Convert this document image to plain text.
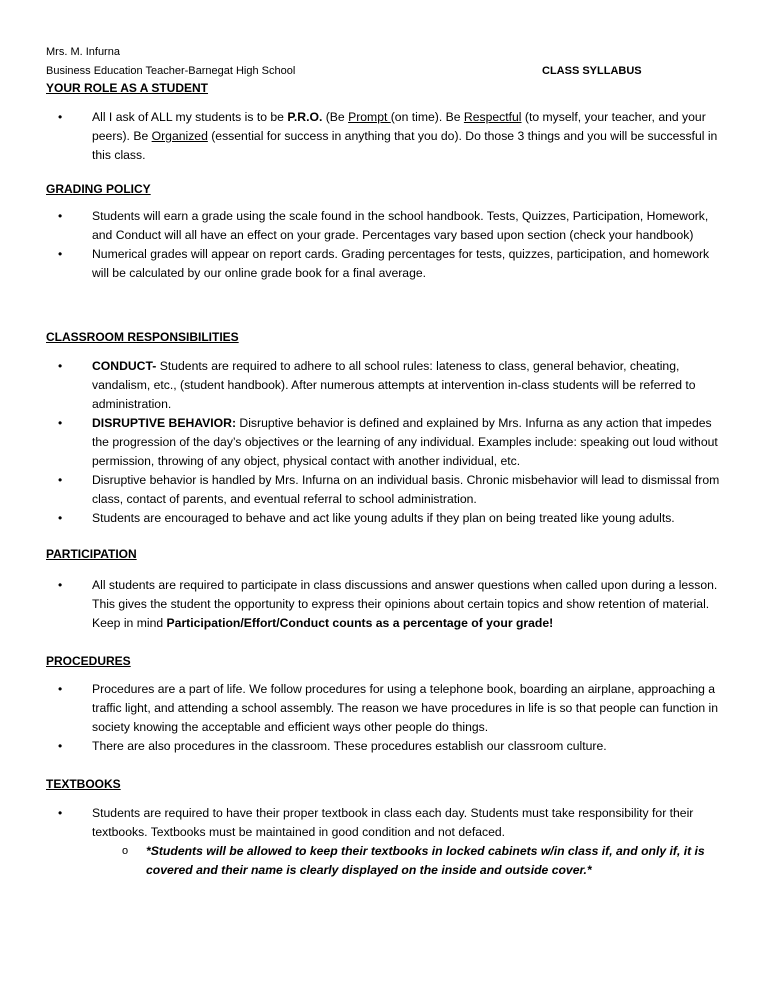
Mrs. M. Infurna
Business Education Teacher-Barnegat High School	CLASS SYLLABUS
YOUR ROLE AS A STUDENT
• All I ask of ALL my students is to be P.R.O. (Be Prompt (on time). Be Respectful (to myself, your teacher, and your peers). Be Organized (essential for success in anything that you do). Do those 3 things and you will be successful in this class.
GRADING POLICY
• Students will earn a grade using the scale found in the school handbook. Tests, Quizzes, Participation, Homework, and Conduct will all have an effect on your grade. Percentages vary based upon section (check your handbook)
• Numerical grades will appear on report cards. Grading percentages for tests, quizzes, participation, and homework will be calculated by our online grade book for a final average.
CLASSROOM RESPONSIBILITIES
• CONDUCT- Students are required to adhere to all school rules: lateness to class, general behavior, cheating, vandalism, etc., (student handbook). After numerous attempts at intervention in-class students will be referred to administration.
• DISRUPTIVE BEHAVIOR: Disruptive behavior is defined and explained by Mrs. Infurna as any action that impedes the progression of the day’s objectives or the learning of any individual. Examples include: speaking out loud without permission, throwing of any object, physical contact with another individual, etc.
• Disruptive behavior is handled by Mrs. Infurna on an individual basis. Chronic misbehavior will lead to dismissal from class, contact of parents, and eventual referral to school administration.
• Students are encouraged to behave and act like young adults if they plan on being treated like young adults.
PARTICIPATION
• All students are required to participate in class discussions and answer questions when called upon during a lesson. This gives the student the opportunity to express their opinions about certain topics and show retention of material. Keep in mind Participation/Effort/Conduct counts as a percentage of your grade!
PROCEDURES
• Procedures are a part of life. We follow procedures for using a telephone book, boarding an airplane, approaching a traffic light, and attending a school assembly. The reason we have procedures in life is so that people can function in society knowing the acceptable and efficient ways other people do things.
• There are also procedures in the classroom. These procedures establish our classroom culture.
TEXTBOOKS
• Students are required to have their proper textbook in class each day. Students must take responsibility for their textbooks. Textbooks must be maintained in good condition and not defaced.
o *Students will be allowed to keep their textbooks in locked cabinets w/in class if, and only if, it is covered and their name is clearly displayed on the inside and outside cover.*
